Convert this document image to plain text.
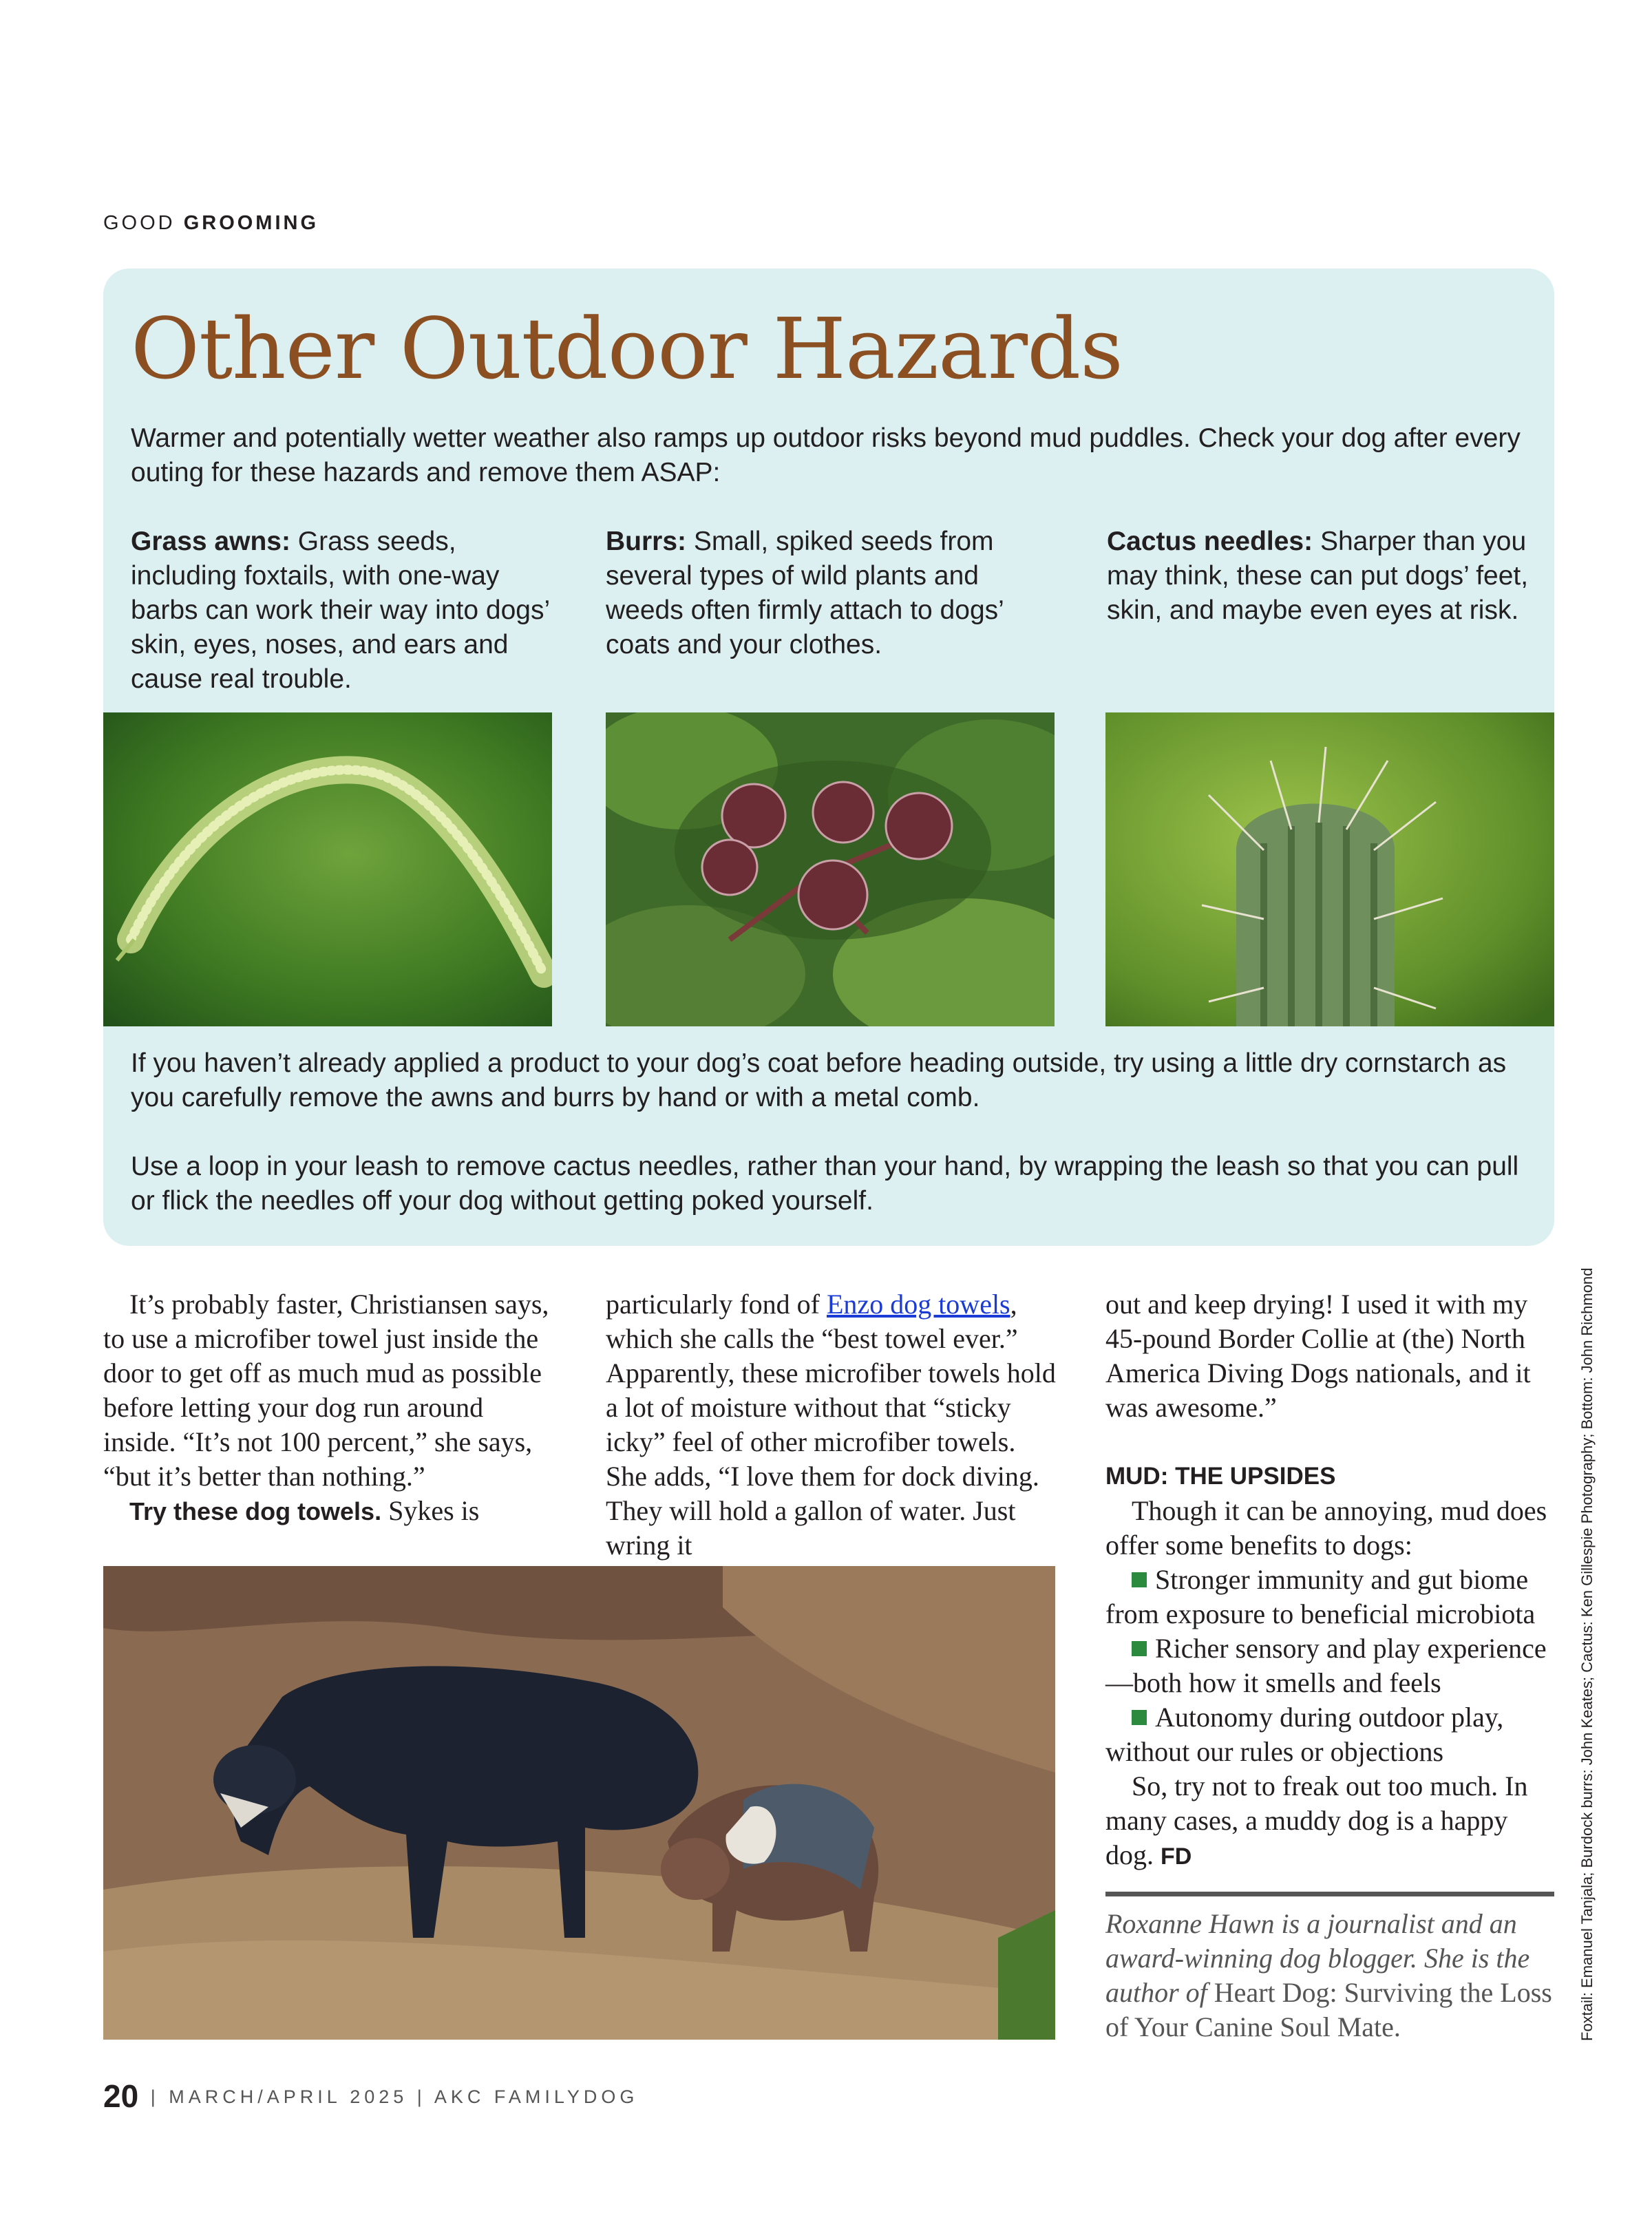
GOOD GROOMING
Other Outdoor Hazards
Warmer and potentially wetter weather also ramps up outdoor risks beyond mud puddles. Check your dog after every outing for these hazards and remove them ASAP:
Grass awns: Grass seeds, including foxtails, with one-way barbs can work their way into dogs’ skin, eyes, noses, and ears and cause real trouble.
Burrs: Small, spiked seeds from several types of wild plants and weeds often firmly attach to dogs’ coats and your clothes.
Cactus needles: Sharper than you may think, these can put dogs’ feet, skin, and maybe even eyes at risk.
If you haven’t already applied a product to your dog’s coat before heading outside, try using a little dry cornstarch as you carefully remove the awns and burrs by hand or with a metal comb.
Use a loop in your leash to remove cactus needles, rather than your hand, by wrapping the leash so that you can pull or flick the needles off your dog without getting poked yourself.

It’s probably faster, Christiansen says, to use a microfiber towel just inside the door to get off as much mud as possible before letting your dog run around inside. “It’s not 100 percent,” she says, “but it’s better than nothing.”

Try these dog towels. Sykes is

particularly fond of Enzo dog towels, which she calls the “best towel ever.” Apparently, these microfiber towels hold a lot of moisture without that “sticky icky” feel of other microfiber towels. She adds, “I love them for dock diving. They will hold a gallon of water. Just wring it

out and keep drying! I used it with my 45-pound Border Collie at (the) North America Diving Dogs nationals, and it was awesome.”

MUD: THE UPSIDES

Though it can be annoying, mud does offer some benefits to dogs:

Stronger immunity and gut biome from exposure to beneficial microbiota

Richer sensory and play experience—both how it smells and feels

Autonomy during outdoor play, without our rules or objections

So, try not to freak out too much. In many cases, a muddy dog is a happy dog. FD

Roxanne Hawn is a journalist and an award-winning dog blogger. She is the author of Heart Dog: Surviving the Loss of Your Canine Soul Mate.	Foxtail: Emanuel Tanjala; Burdock burrs: John Keates; Cactus: Ken Gillespie Photography; Bottom: John Richmond
20 | MARCH/APRIL 2025 | AKC FAMILYDOG
